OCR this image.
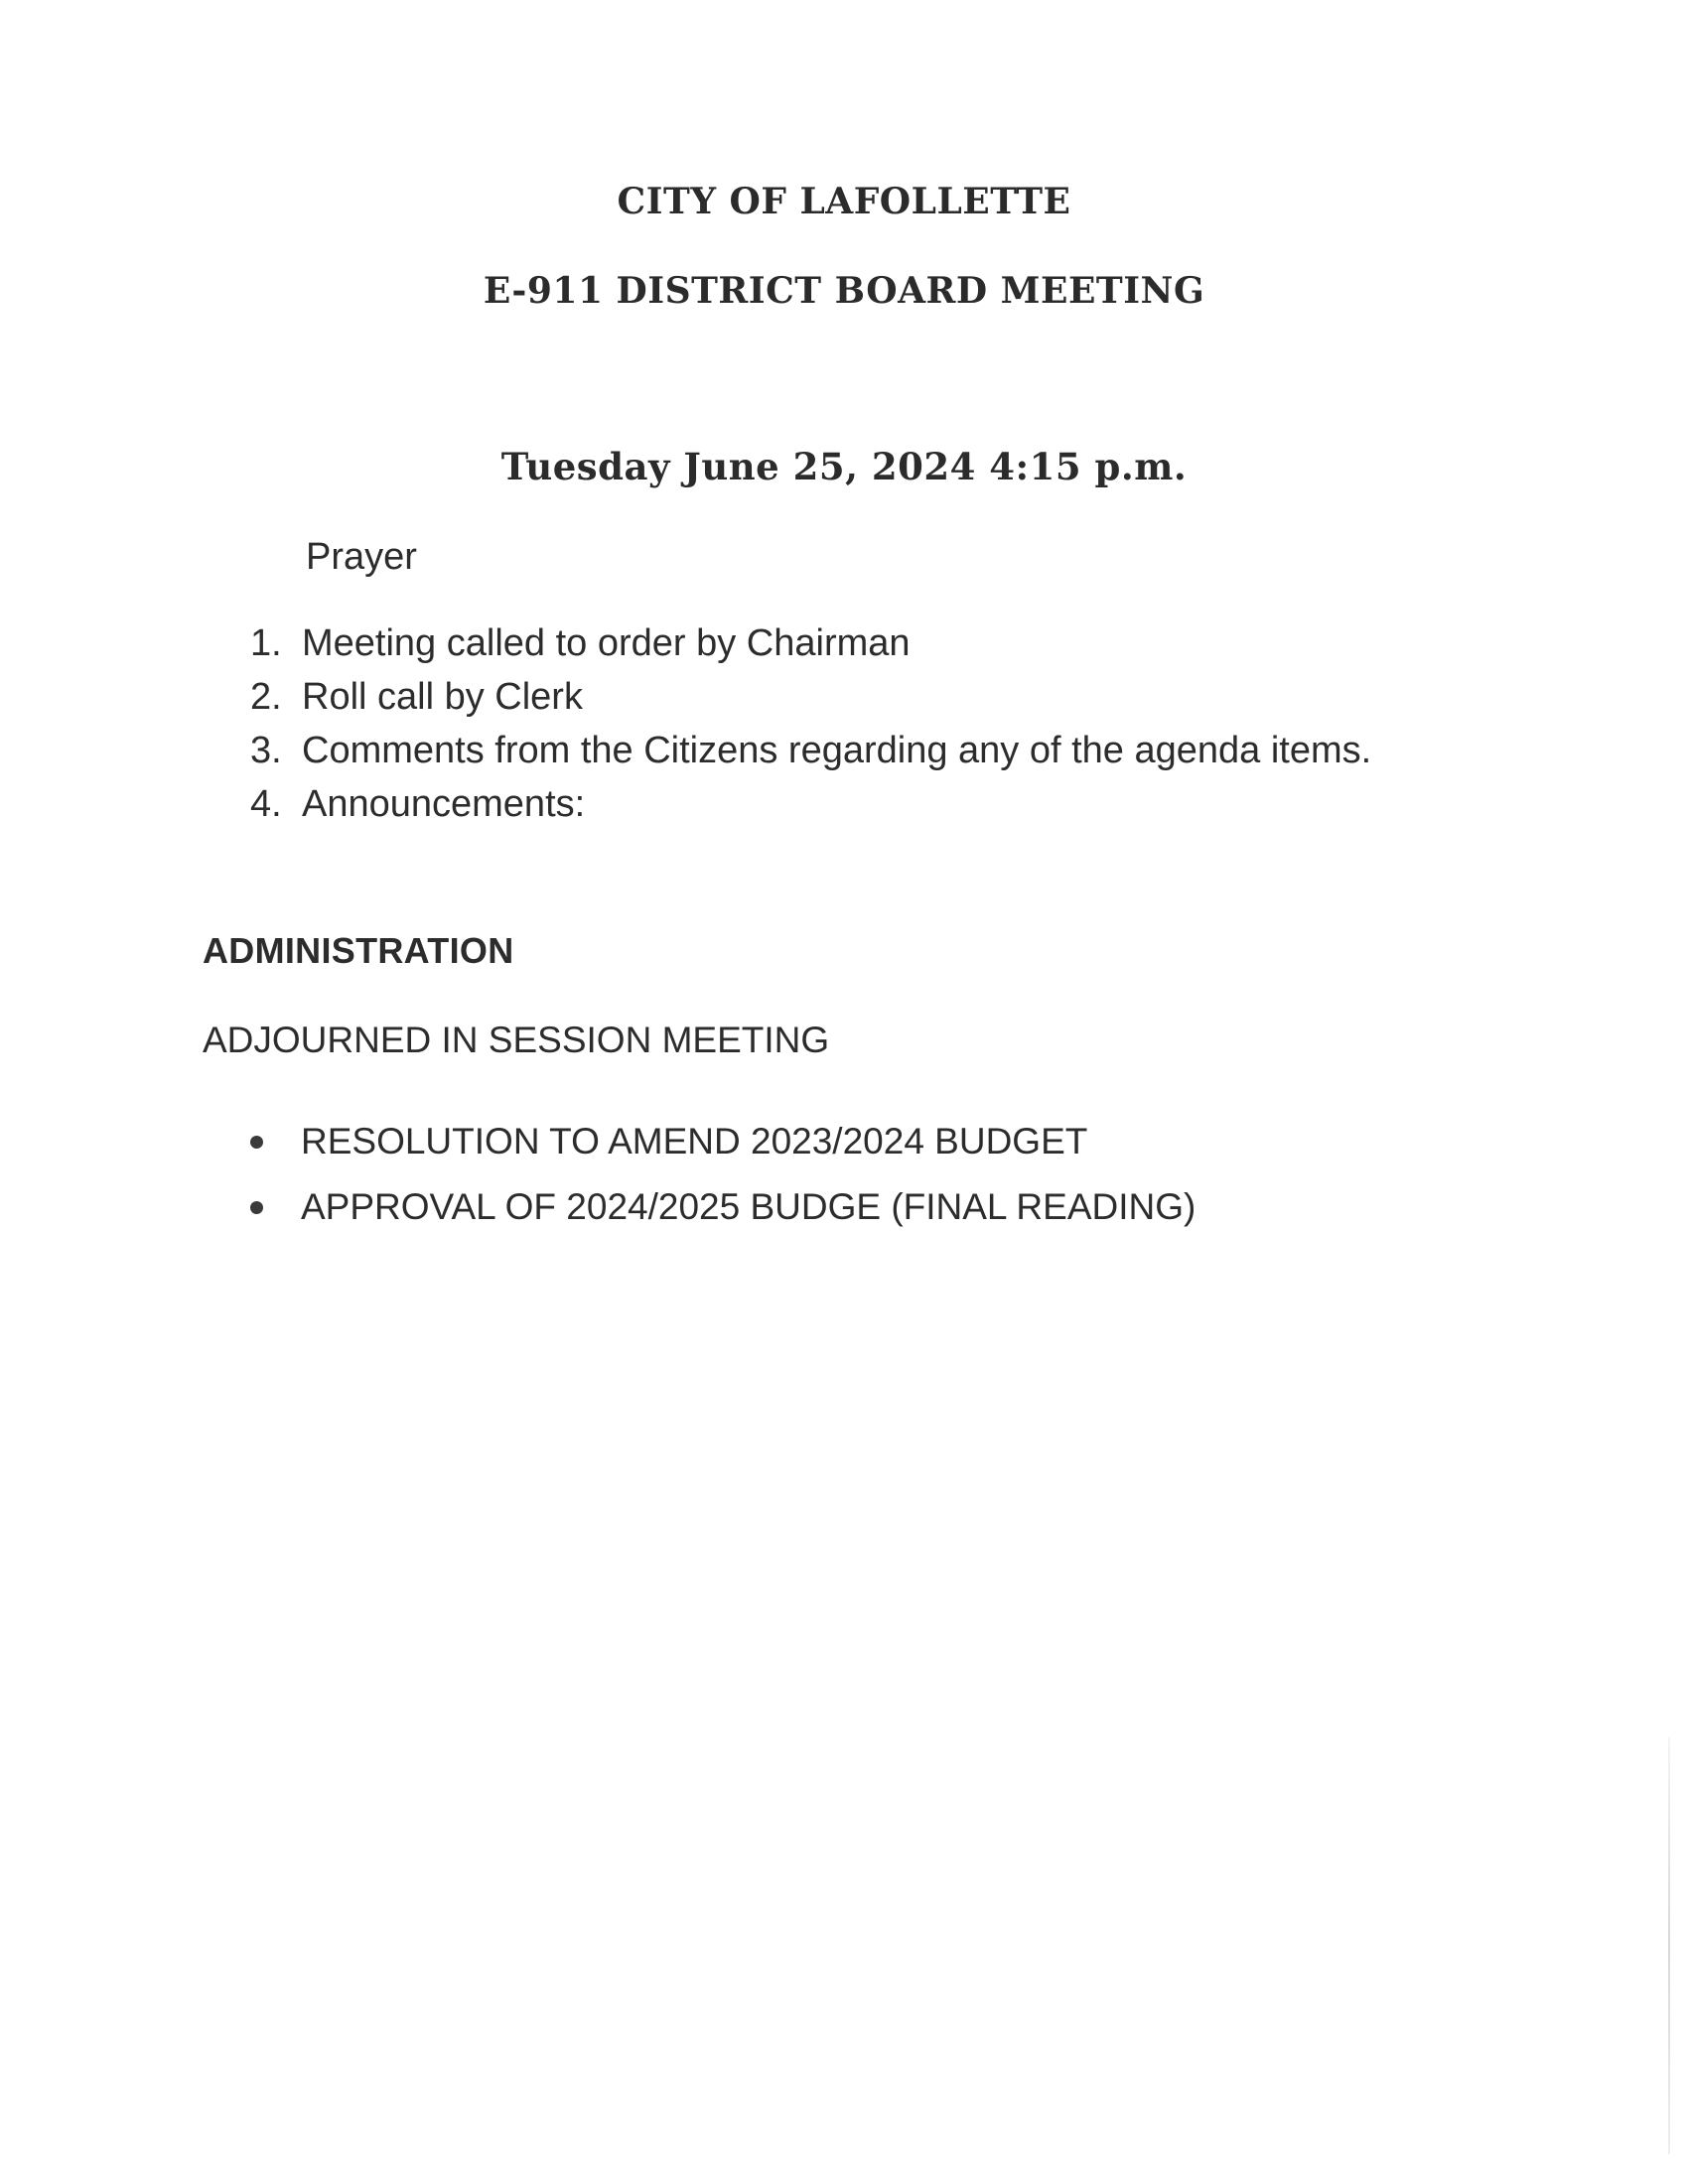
CITY OF LAFOLLETTE
E-911 DISTRICT BOARD MEETING

Tuesday June 25, 2024 4:15 p.m.

Prayer

1. Meeting called to order by Chairman
2. Roll call by Clerk
3. Comments from the Citizens regarding any of the agenda items.
4. Announcements:
ADMINISTRATION

ADJOURNED IN SESSION MEETING

RESOLUTION TO AMEND 2023/2024 BUDGET
APPROVAL OF 2024/2025 BUDGE (FINAL READING)
